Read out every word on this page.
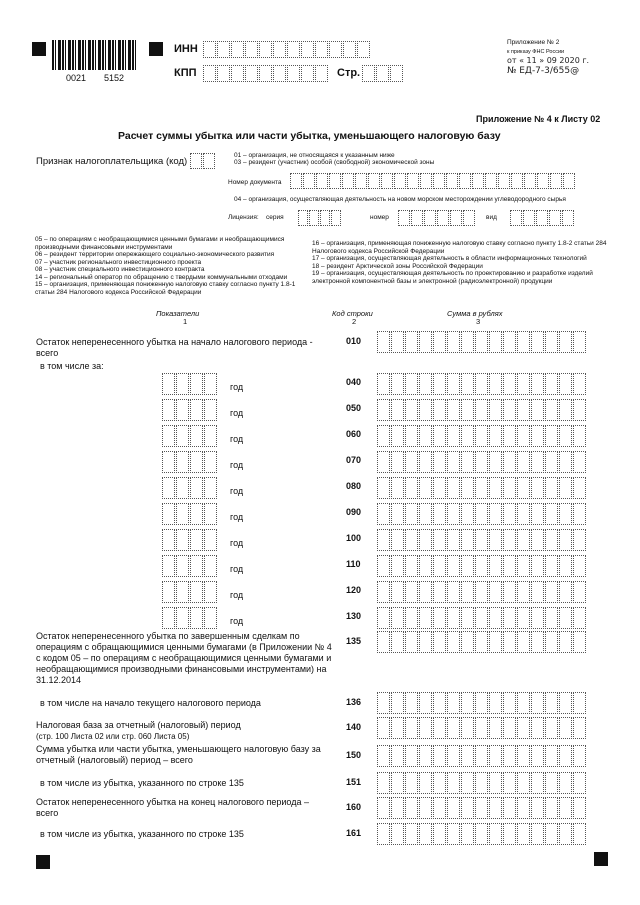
0021 5152
ИНН
КПП	Стр.
Приложение № 2
к приказу ФНС России
от « 11 » 09 2020 г.
№ ЕД-7-3/655@
Приложение № 4 к Листу 02
Расчет суммы убытка или части убытка, уменьшающего налоговую базу
Признак налогоплательщика (код)
01 – организация, не относящаяся к указанным ниже
03 – резидент (участник) особой (свободной) экономической зоны
Номер документа
04 – организация, осуществляющая деятельность на новом морском месторождении углеводородного сырья
Лицензия: серия	номер	вид
05 – по операциям с необращающимися ценными бумагами и необращающимися производными финансовыми инструментами
06 – резидент территории опережающего социально-экономического развития
07 – участник регионального инвестиционного проекта
08 – участник специального инвестиционного контракта
14 – региональный оператор по обращению с твердыми коммунальными отходами
15 – организация, применяющая пониженную налоговую ставку согласно пункту 1.8-1 статьи 284 Налогового кодекса Российской Федерации
16 – организация, применяющая пониженную налоговую ставку согласно пункту 1.8-2 статьи 284 Налогового кодекса Российской Федерации
17 – организация, осуществляющая деятельность в области информационных технологий
18 – резидент Арктической зоны Российской Федерации
19 – организация, осуществляющая деятельность по проектированию и разработке изделий электронной компонентной базы и электронной (радиоэлектронной) продукции
Показатели
1
Код строки
2
Сумма в рублях
3
Остаток неперенесенного убытка на начало налогового периода - всего
010
в том числе за:
год	040
год	050
год	060
год	070
год	080
год	090
год	100
год	110
год	120
год	130
Остаток неперенесенного убытка по завершенным сделкам по операциям с обращающимися ценными бумагами (в Приложении № 4 с кодом 05 – по операциям с необращающимися ценными бумагами и необращающимися производными финансовыми инструментами) на 31.12.2014
135
в том числе на начало текущего налогового периода	136
Налоговая база за отчетный (налоговый) период
(стр. 100 Листа 02 или стр. 060 Листа 05)
140
Сумма убытка или части убытка, уменьшающего налоговую базу за отчетный (налоговый) период – всего	150
в том числе из убытка, указанного по строке 135	151
Остаток неперенесенного убытка на конец налогового периода – всего
160
в том числе из убытка, указанного по строке 135	161
